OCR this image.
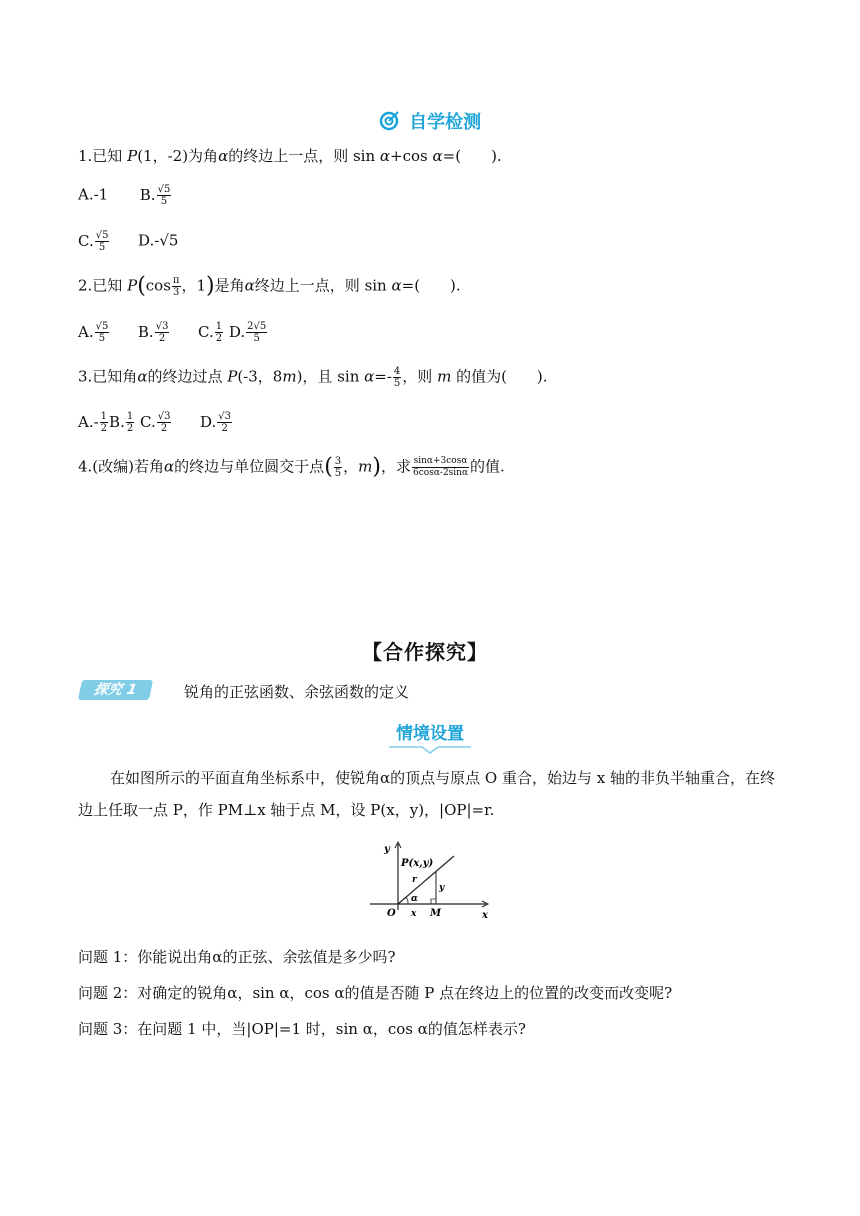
自学检测
1.已知 P(1，-2)为角α的终边上一点，则 sin α+cos α=(　　).
A.-1 B. $\frac{√5}{5}$
C. $\frac{√5}{5} D.-√5$
2.已知 $P(\cos \frac{\pi}{3}$ ，1)是角α终边上一点，则 sin α=(　　).
A. $\frac{√5}{5} B$. $\frac{√3}{2} C$. $\frac{1}{2} D$. $\frac{2√5}{5}$
3.已知角α的终边过点 P(-3，8m)，且 $\sin \alpha=- \frac{4}{5}$ ，则 m 的值为(　　).
$A.- \frac{1}{2} B$. $\frac{1}{2} C$. $\frac{√3}{2} D$. $\frac{√3}{2}$
4.(改编)若角α的终边与单位圆交于点( $\frac{3}{5}$ ，m)，求 $\frac{\sin\alpha+3\cos\alpha}{6\cos\alpha-2\sin\alpha}$ 的值.
【合作探究】
探究 1	锐角的正弦函数、余弦函数的定义
情境设置
在如图所示的平面直角坐标系中，使锐角α的顶点与原点 O 重合，始边与 x 轴的非负半轴重合，在终边上任取一点 P，作 PM⊥x 轴于点 M，设 P(x，y)，|OP|=r.
y
x
P(x,y)
r
y
α
O x M
问题 1：你能说出角α的正弦、余弦值是多少吗?
问题 2：对确定的锐角α，sin α，cos α的值是否随 P 点在终边上的位置的改变而改变呢?
问题 3：在问题 1 中，当|OP|=1 时，sin α，cos α的值怎样表示?
